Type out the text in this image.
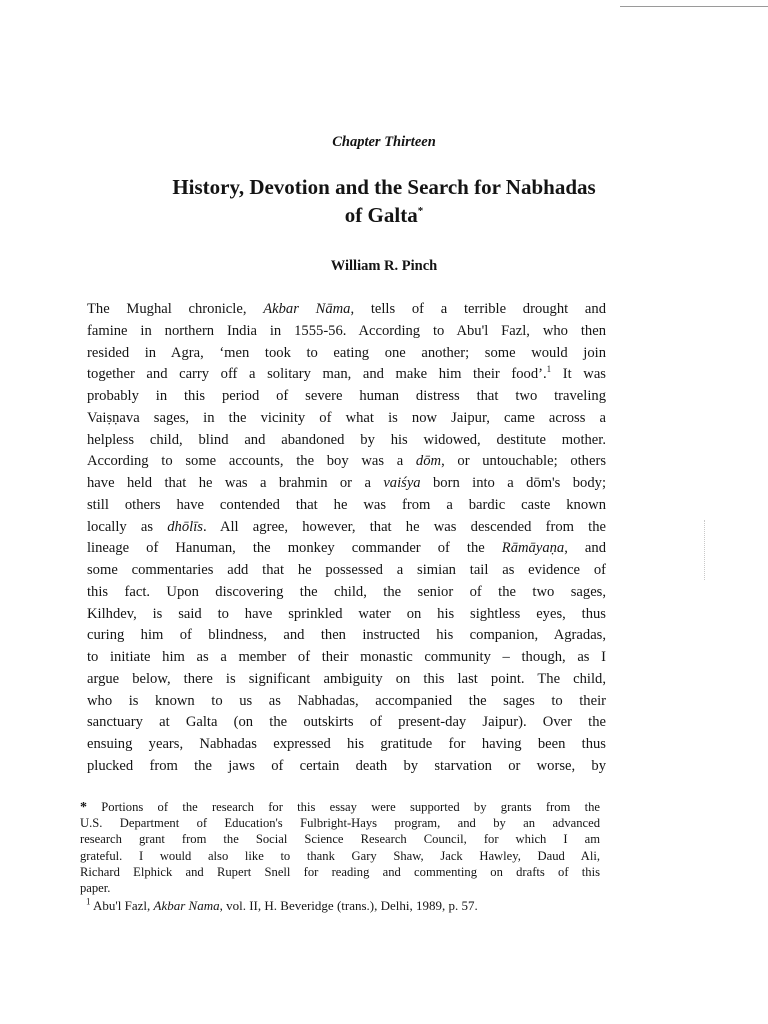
Chapter Thirteen
History, Devotion and the Search for Nabhadas
of Galta*
William R. Pinch
The Mughal chronicle, Akbar Nāma, tells of a terrible drought and
famine in northern India in 1555-56. According to Abu'l Fazl, who then
resided in Agra, ‘men took to eating one another; some would join
together and carry off a solitary man, and make him their food’.$^1$ It was
probably in this period of severe human distress that two traveling
Vaiṣṇava sages, in the vicinity of what is now Jaipur, came across a
helpless child, blind and abandoned by his widowed, destitute mother.
According to some accounts, the boy was a dōm, or untouchable; others
have held that he was a brahmin or a vaiśya born into a dōm's body;
still others have contended that he was from a bardic caste known
locally as dhōlīs. All agree, however, that he was descended from the
lineage of Hanuman, the monkey commander of the Rāmāyaṇa, and
some commentaries add that he possessed a simian tail as evidence of
this fact. Upon discovering the child, the senior of the two sages,
Kilhdev, is said to have sprinkled water on his sightless eyes, thus
curing him of blindness, and then instructed his companion, Agradas,
to initiate him as a member of their monastic community – though, as I
argue below, there is significant ambiguity on this last point. The child,
who is known to us as Nabhadas, accompanied the sages to their
sanctuary at Galta (on the outskirts of present-day Jaipur). Over the
ensuing years, Nabhadas expressed his gratitude for having been thus
plucked from the jaws of certain death by starvation or worse, by
* Portions of the research for this essay were supported by grants from the
U.S. Department of Education's Fulbright-Hays program, and by an advanced
research grant from the Social Science Research Council, for which I am
grateful. I would also like to thank Gary Shaw, Jack Hawley, Daud Ali,
Richard Elphick and Rupert Snell for reading and commenting on drafts of this
paper.
$^1$ Abu'l Fazl, Akbar Nama, vol. II, H. Beveridge (trans.), Delhi, 1989, p. 57.
